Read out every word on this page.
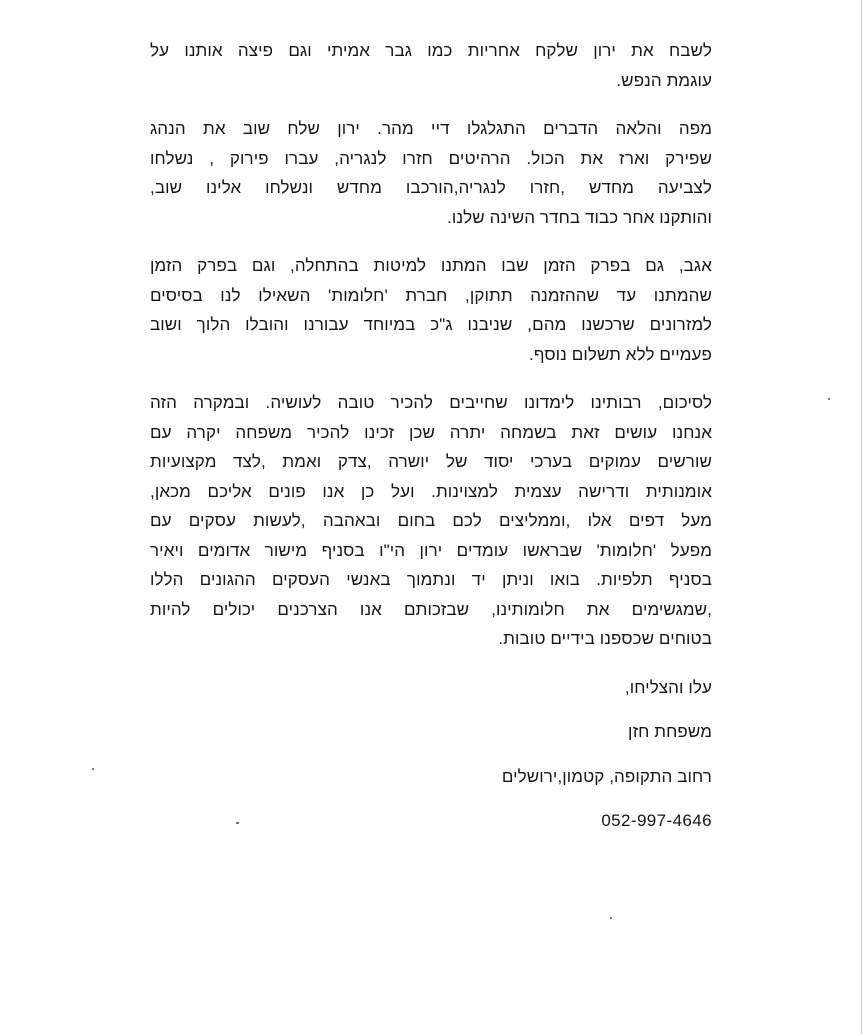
לשבח את ירון שלקח אחריות כמו גבר אמיתי וגם פיצה אותנו על
עוגמת הנפש.
מפה והלאה הדברים התגלגלו דיי מהר. ירון שלח שוב את הנהג
שפירק וארז את הכול. הרהיטים חזרו לנגריה, עברו פירוק , נשלחו
לצביעה מחדש ,חזרו לנגריה,הורכבו מחדש ונשלחו אלינו שוב,
והותקנו אחר כבוד בחדר השינה שלנו.
אגב, גם בפרק הזמן שבו המתנו למיטות בהתחלה, וגם בפרק הזמן
שהמתנו עד שההזמנה תתוקן, חברת 'חלומות' השאילו לנו בסיסים
למזרונים שרכשנו מהם, שניבנו ג"כ במיוחד עבורנו והובלו הלוך ושוב
פעמיים ללא תשלום נוסף.
לסיכום, רבותינו לימדונו שחייבים להכיר טובה לעושיה. ובמקרה הזה
אנחנו עושים זאת בשמחה יתרה שכן זכינו להכיר משפחה יקרה עם
שורשים עמוקים בערכי יסוד של יושרה ,צדק ואמת ,לצד מקצועיות
אומנותית ודרישה עצמית למצוינות. ועל כן אנו פונים אליכם מכאן,
מעל דפים אלו ,וממליצים לכם בחום ובאהבה ,לעשות עסקים עם
מפעל 'חלומות' שבראשו עומדים ירון הי"ו בסניף מישור אדומים ויאיר
בסניף תלפיות. בואו וניתן יד ונתמוך באנשי העסקים ההגונים הללו
,שמגשימים את חלומותינו, שבזכותם אנו הצרכנים יכולים להיות
בטוחים שכספנו בידיים טובות.
עלו והצליחו,
משפחת חזן
רחוב התקופה, קטמון,ירושלים
052-997-4646
